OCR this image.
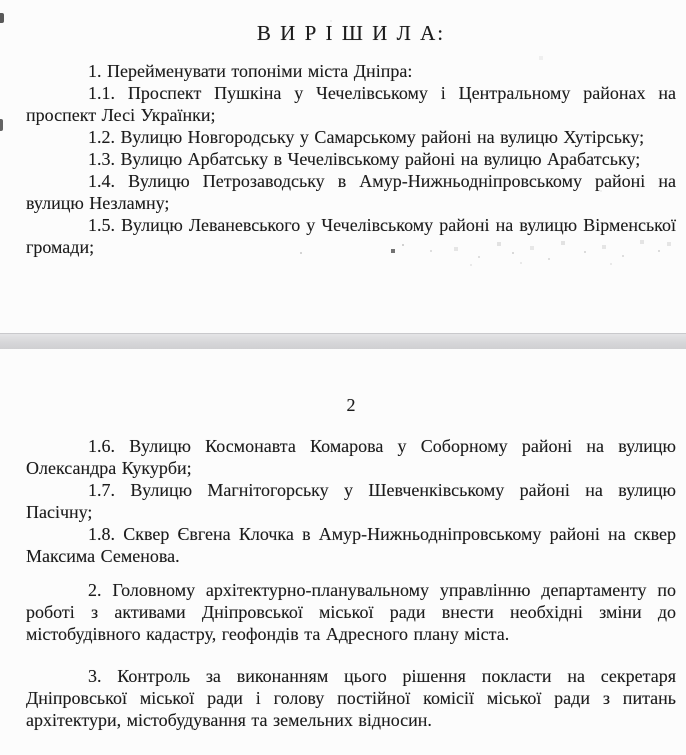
В И Р І Ш И Л А:

1. Перейменувати топоніми міста Дніпра:

1.1. Проспект Пушкіна у Чечелівському і Центральному районах на проспект Лесі Українки;

1.2. Вулицю Новгородську у Самарському районі на вулицю Хутірську;

1.3. Вулицю Арбатську в Чечелівському районі на вулицю Арабатську;

1.4. Вулицю Петрозаводську в Амур-Нижньодніпровському районі на вулицю Незламну;

1.5. Вулицю Леваневського у Чечелівському районі на вулицю Вірменської громади;

2

1.6. Вулицю Космонавта Комарова у Соборному районі на вулицю Олександра Кукурби;

1.7. Вулицю Магнітогорську у Шевченківському районі на вулицю Пасічну;

1.8. Сквер Євгена Клочка в Амур-Нижньодніпровському районі на сквер Максима Семенова.

2. Головному архітектурно-планувальному управлінню департаменту по роботі з активами Дніпровської міської ради внести необхідні зміни до містобудівного кадастру, геофондів та Адресного плану міста.

3. Контроль за виконанням цього рішення покласти на секретаря Дніпровської міської ради і голову постійної комісії міської ради з питань архітектури, містобудування та земельних відносин.
